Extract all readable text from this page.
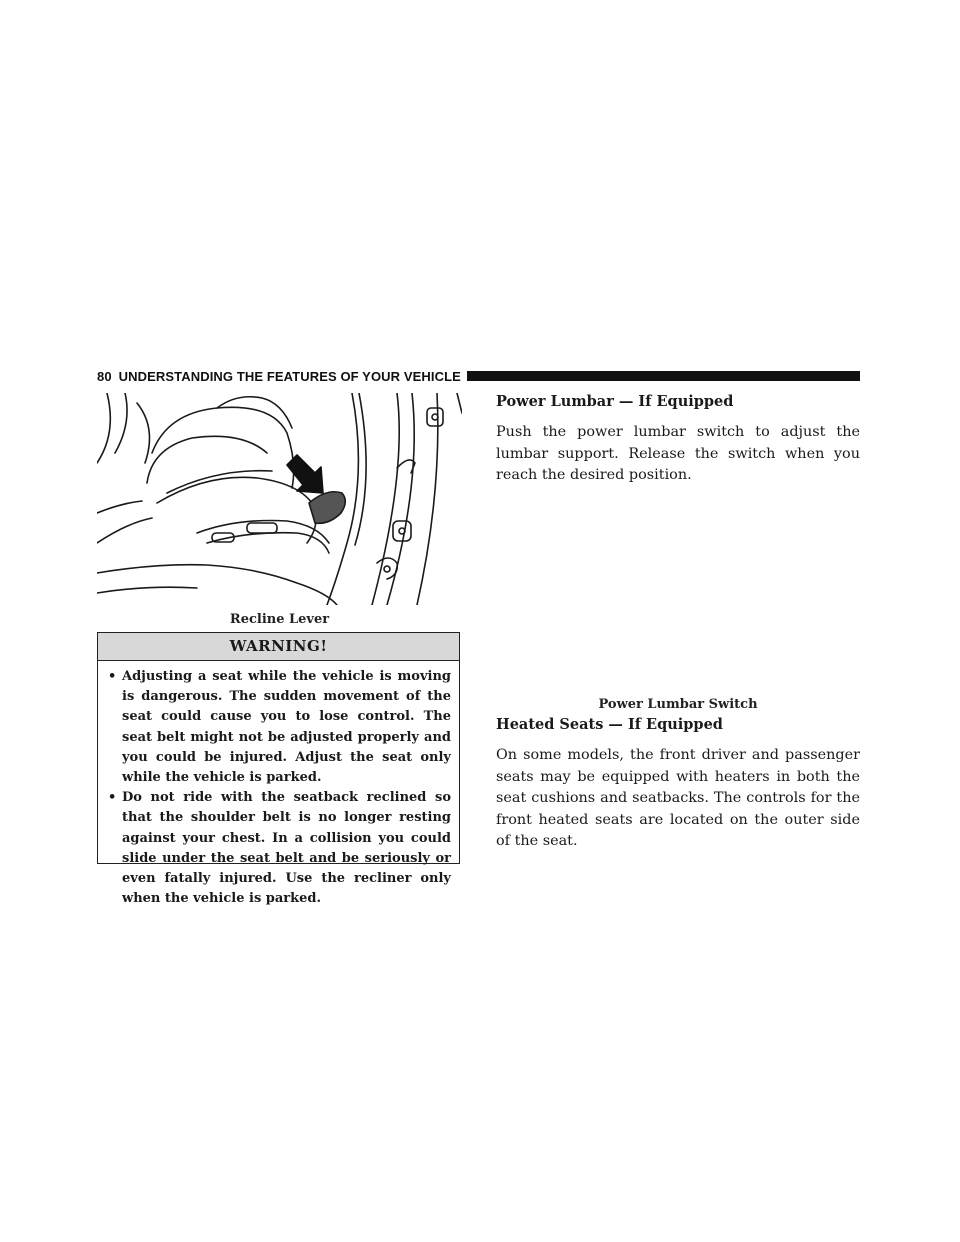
80 UNDERSTANDING THE FEATURES OF YOUR VEHICLE
Recline Lever
WARNING!
• Adjusting a seat while the vehicle is moving is dangerous. The sudden movement of the seat could cause you to lose control. The seat belt might not be adjusted properly and you could be injured. Adjust the seat only while the vehicle is parked.
• Do not ride with the seatback reclined so that the shoulder belt is no longer resting against your chest. In a collision you could slide under the seat belt and be seriously or even fatally injured. Use the recliner only when the vehicle is parked.
Power Lumbar — If Equipped

Push the power lumbar switch to adjust the lumbar support. Release the switch when you reach the desired position.

Power Lumbar Switch
Heated Seats — If Equipped

On some models, the front driver and passenger seats may be equipped with heaters in both the seat cushions and seatbacks. The controls for the front heated seats are located on the outer side of the seat.
